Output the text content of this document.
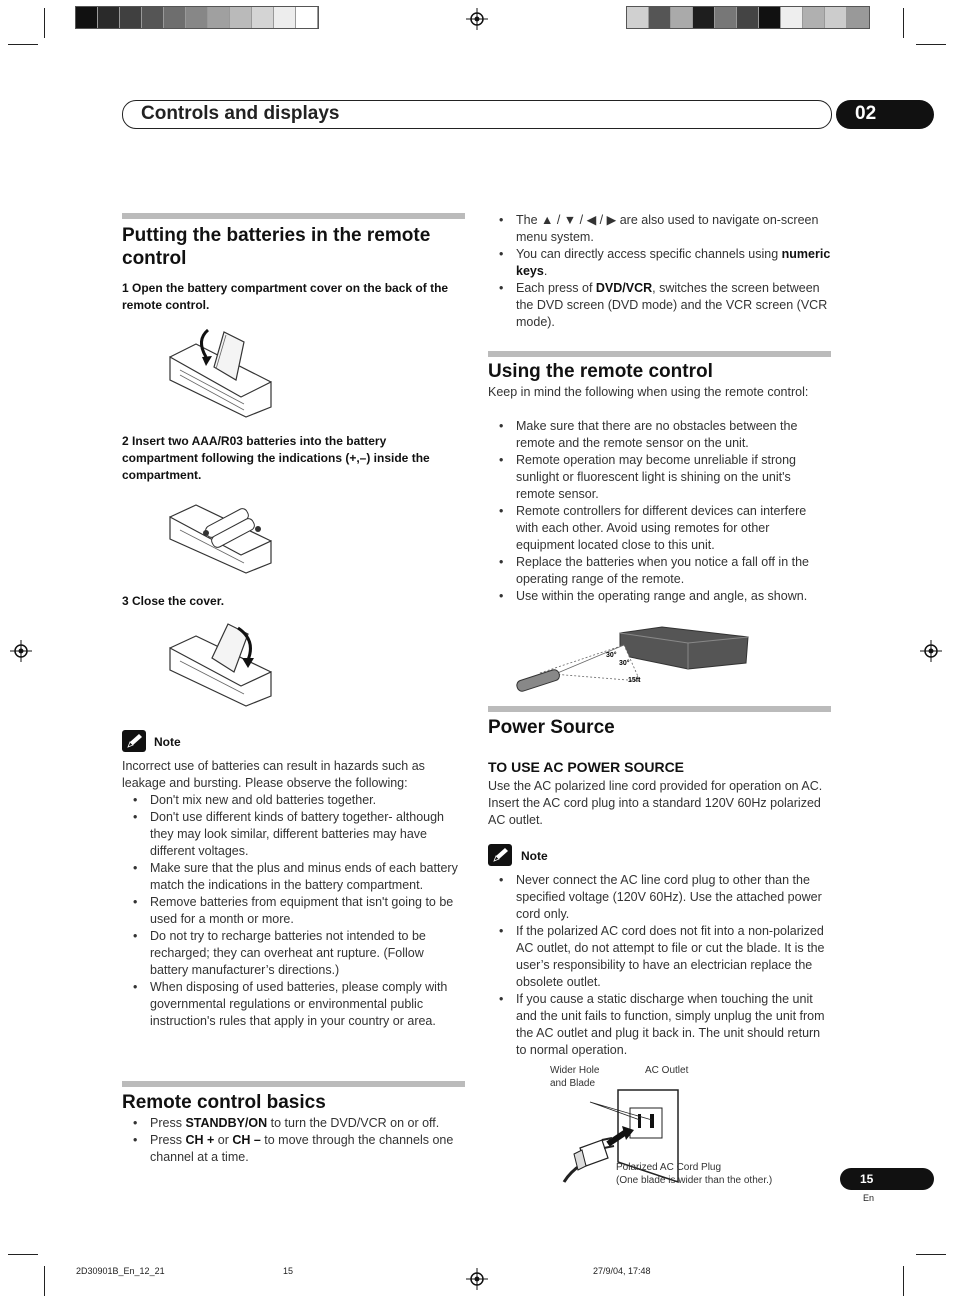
Controls and displays	02
Putting the batteries in the remote control
1 Open the battery compartment cover on the back of the remote control.
2 Insert two AAA/R03 batteries into the battery compartment following the indications (+,–) inside the compartment.
3 Close the cover.
Note
Incorrect use of batteries can result in hazards such as leakage and bursting. Please observe the following:
• Don't mix new and old batteries together.
• Don't use different kinds of battery together- although they may look similar, different batteries may have different voltages.
• Make sure that the plus and minus ends of each battery match the indications in the battery compartment.
• Remove batteries from equipment that isn't going to be used for a month or more.
• Do not try to recharge batteries not intended to be recharged; they can overheat ant rupture. (Follow battery manufacturer’s directions.)
• When disposing of used batteries, please comply with governmental regulations or environmental public instruction's rules that apply in your country or area.
Remote control basics
• Press STANDBY/ON to turn the DVD/VCR on or off.
• Press CH + or CH – to move through the channels one channel at a time.
• The ▲ / ▼ / ◀ / ▶ are also used to navigate on-screen menu system.
• You can directly access specific channels using numeric keys.
• Each press of DVD/VCR, switches the screen between the DVD screen (DVD mode) and the VCR screen (VCR mode).
Using the remote control
Keep in mind the following when using the remote control:
• Make sure that there are no obstacles between the remote and the remote sensor on the unit.
• Remote operation may become unreliable if strong sunlight or fluorescent light is shining on the unit's remote sensor.
• Remote controllers for different devices can interfere with each other. Avoid using remotes for other equipment located close to this unit.
• Replace the batteries when you notice a fall off in the operating range of the remote.
• Use within the operating range and angle, as shown.
30°
30°
15ft
Power Source
TO USE AC POWER SOURCE
Use the AC polarized line cord provided for operation on AC. Insert the AC cord plug into a standard 120V 60Hz polarized AC outlet.
Note
• Never connect the AC line cord plug to other than the specified voltage (120V 60Hz). Use the attached power cord only.
• If the polarized AC cord does not fit into a non-polarized AC outlet, do not attempt to file or cut the blade. It is the user’s responsibility to have an electrician replace the obsolete outlet.
• If you cause a static discharge when touching the unit and the unit fails to function, simply unplug the unit from the AC outlet and plug it back in. The unit should return to normal operation.
Wider Hole
and Blade
AC Outlet
Polarized AC Cord Plug
(One blade is wider than the other.)	15
En
2D30901B_En_12_21	15	27/9/04, 17:48
